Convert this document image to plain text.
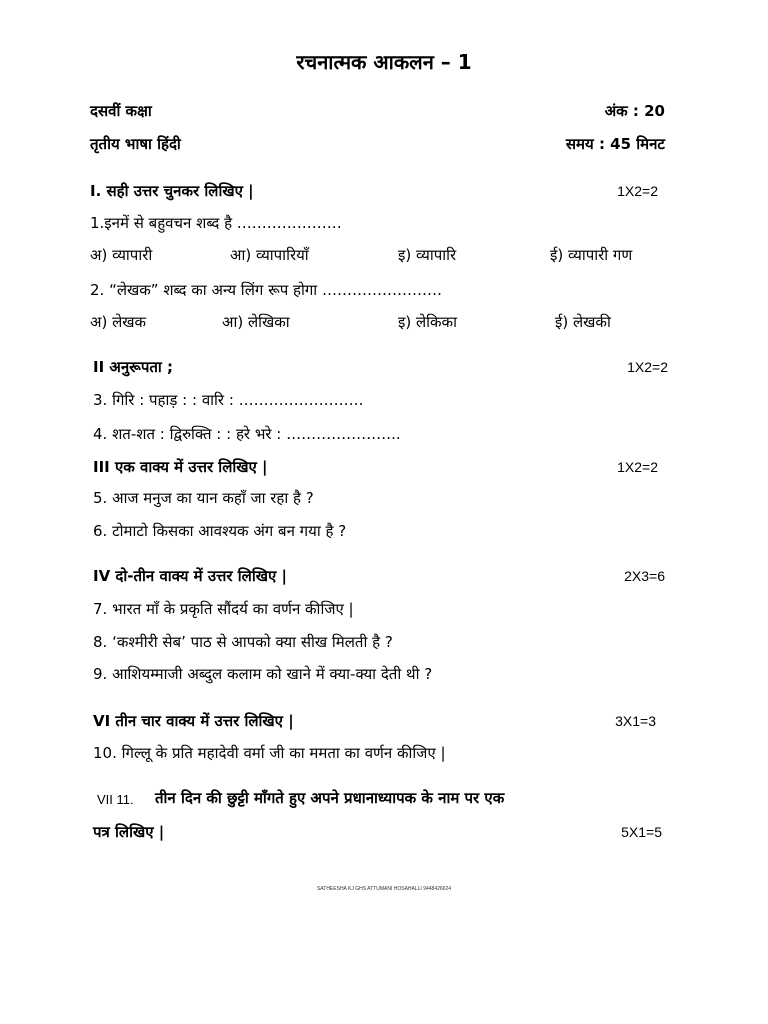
रचनात्मक आकलन – 1
दसवीं कक्षा	अंक : 20
तृतीय भाषा हिंदी	समय : 45 मिनट
I. सही उत्तर चुनकर लिखिए |	1X2=2
1.इनमें से बहुवचन शब्द है …………………
अ) व्यापारी	आ) व्यापारियाँ	इ) व्यापारि	ई) व्यापारी गण
2. “लेखक” शब्द का अन्य लिंग रूप होगा ……………………
अ) लेखक	आ) लेखिका	इ) लेकिका	ई) लेखकी
II अनुरूपता ;	1X2=2
3. गिरि : पहाड़ : : वारि : …………………….
4. शत-शत : द्विरुक्ति : : हरे भरे : …………………..
III एक वाक्य में उत्तर लिखिए |	1X2=2
5. आज मनुज का यान कहाँ जा रहा है ?
6. टोमाटो किसका आवश्यक अंग बन गया है ?
IV दो-तीन वाक्य में उत्तर लिखिए |	2X3=6
7. भारत माँ के प्रकृति सौंदर्य का वर्णन कीजिए |
8. ‘कश्मीरी सेब’ पाठ से आपको क्या सीख मिलती है ?
9. आशियम्माजी अब्दुल कलाम को खाने में क्या-क्या देती थी ?
VI तीन चार वाक्य में उत्तर लिखिए |	3X1=3
10. गिल्लू के प्रति महादेवी वर्मा जी का ममता का वर्णन कीजिए |
VII 11. तीन दिन की छुट्टी माँगते हुए अपने प्रधानाध्यापक के नाम पर एक
पत्र लिखिए |	5X1=5
SATHEESHA KJ GHS ATTUMANI HOSAHALLI 9448426624
